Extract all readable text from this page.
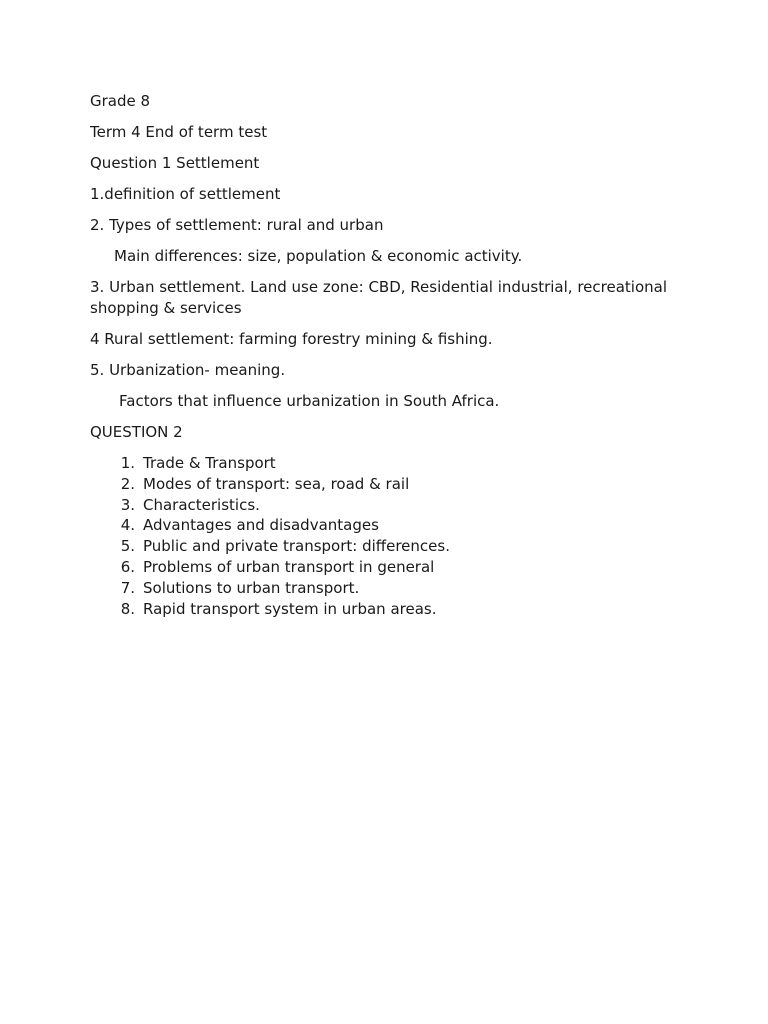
Grade 8

Term 4 End of term test

Question 1 Settlement

1.definition of settlement

2. Types of settlement: rural and urban

Main differences: size, population & economic activity.

3. Urban settlement. Land use zone: CBD, Residential industrial, recreational shopping & services

4 Rural settlement: farming forestry mining & fishing.

5. Urbanization- meaning.

Factors that influence urbanization in South Africa.

QUESTION 2

1. Trade & Transport
2. Modes of transport: sea, road & rail
3. Characteristics.
4. Advantages and disadvantages
5. Public and private transport: differences.
6. Problems of urban transport in general
7. Solutions to urban transport.
8. Rapid transport system in urban areas.
